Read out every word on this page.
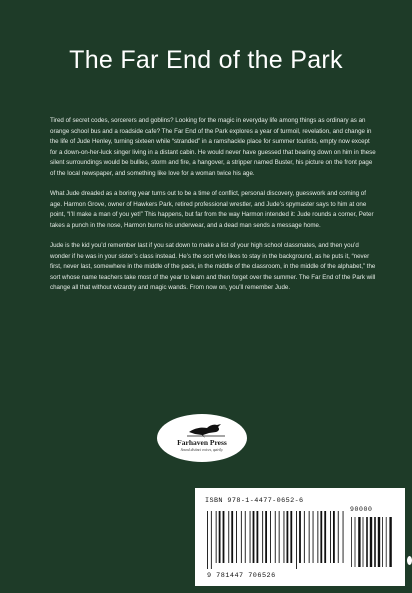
The Far End of the Park

Tired of secret codes, sorcerers and goblins? Looking for the magic in everyday life among things as ordinary as an orange school bus and a roadside cafe? The Far End of the Park explores a year of turmoil, revelation, and change in the life of Jude Henley, turning sixteen while “stranded” in a ramshackle place for summer tourists, empty now except for a down-on-her-luck singer living in a distant cabin. He would never have guessed that bearing down on him in these silent surroundings would be bullies, storm and fire, a hangover, a stripper named Buster, his picture on the front page of the local newspaper, and something like love for a woman twice his age.

What Jude dreaded as a boring year turns out to be a time of conflict, personal discovery, guesswork and coming of age. Harmon Grove, owner of Hawkers Park, retired professional wrestler, and Jude’s spymaster says to him at one point, “I’ll make a man of you yet!” This happens, but far from the way Harmon intended it: Jude rounds a corner, Peter takes a punch in the nose, Harmon burns his underwear, and a dead man sends a message home.

Jude is the kid you’d remember last if you sat down to make a list of your high school classmates, and then you’d wonder if he was in your sister’s class instead. He’s the sort who likes to stay in the background, as he puts it, “never first, never last, somewhere in the middle of the pack, in the middle of the classroom, in the middle of the alphabet,” the sort whose name teachers take most of the year to learn and then forget over the summer. The Far End of the Park will change all that without wizardry and magic wands. From now on, you’ll remember Jude.

Farhaven Press
Sound distinct voices, quietly.
ISBN 978-1-4477-0652-6
90000
9 781447 706526
